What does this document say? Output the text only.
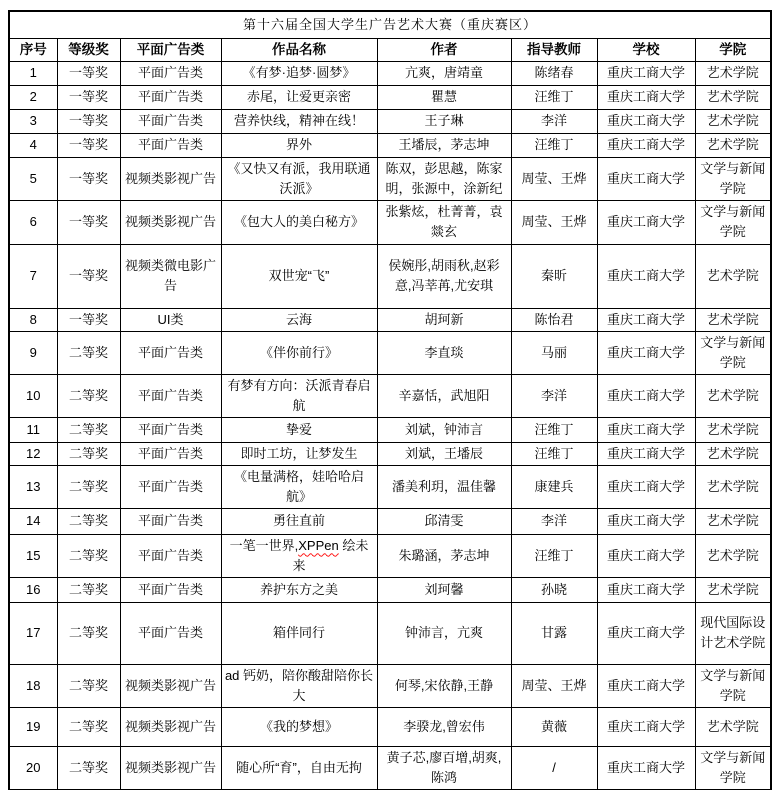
第十六届全国大学生广告艺术大赛（重庆赛区）							
序号	等级奖	平面广告类	作品名称	作者	指导教师	学校	学院
1	一等奖	平面广告类	《有梦·追梦·圆梦》	亢爽，唐靖童	陈绪春	重庆工商大学	艺术学院
2	一等奖	平面广告类	赤尾，让爱更亲密	瞿慧	汪维丁	重庆工商大学	艺术学院
3	一等奖	平面广告类	营养快线，精神在线！	王子琳	李洋	重庆工商大学	艺术学院
4	一等奖	平面广告类	界外	王墦辰，茅志坤	汪维丁	重庆工商大学	艺术学院
5	一等奖	视频类影视广告	《又快又有派，我用联通沃派》	陈双，彭思越，陈家明，张源中，涂新纪	周莹、王烨	重庆工商大学	文学与新闻学院
6	一等奖	视频类影视广告	《包大人的美白秘方》	张紫炫，杜菁菁，袁燚玄	周莹、王烨	重庆工商大学	文学与新闻学院
7	一等奖	视频类微电影广告	双世宠“飞”	侯婉彤,胡雨秋,赵彩意,冯莘苒,尤安琪	秦昕	重庆工商大学	艺术学院
8	一等奖	UI类	云海	胡珂新	陈怡君	重庆工商大学	艺术学院
9	二等奖	平面广告类	《伴你前行》	李直琰	马丽	重庆工商大学	文学与新闻学院
10	二等奖	平面广告类	有梦有方向：沃派青春启航	辛嘉恬，武旭阳	李洋	重庆工商大学	艺术学院
11	二等奖	平面广告类	挚爱	刘斌，钟沛言	汪维丁	重庆工商大学	艺术学院
12	二等奖	平面广告类	即时工坊，让梦发生	刘斌，王墦辰	汪维丁	重庆工商大学	艺术学院
13	二等奖	平面广告类	《电量满格，娃哈哈启航》	潘美利玥，温佳馨	康建兵	重庆工商大学	艺术学院
14	二等奖	平面广告类	勇往直前	邱清雯	李洋	重庆工商大学	艺术学院
15	二等奖	平面广告类	一笔一世界,XPPen 绘未来	朱璐涵，茅志坤	汪维丁	重庆工商大学	艺术学院
16	二等奖	平面广告类	养护东方之美	刘珂馨	孙晓	重庆工商大学	艺术学院
17	二等奖	平面广告类	箱伴同行	钟沛言，亢爽	甘露	重庆工商大学	现代国际设计艺术学院
18	二等奖	视频类影视广告	ad 钙奶，陪你酸甜陪你长大	何琴,宋依静,王静	周莹、王烨	重庆工商大学	文学与新闻学院
19	二等奖	视频类影视广告	《我的梦想》	李骙龙,曾宏伟	黄薇	重庆工商大学	艺术学院
20	二等奖	视频类影视广告	随心所“育”，自由无拘	黄子芯,廖百增,胡爽,陈鸿	/	重庆工商大学	文学与新闻学院
